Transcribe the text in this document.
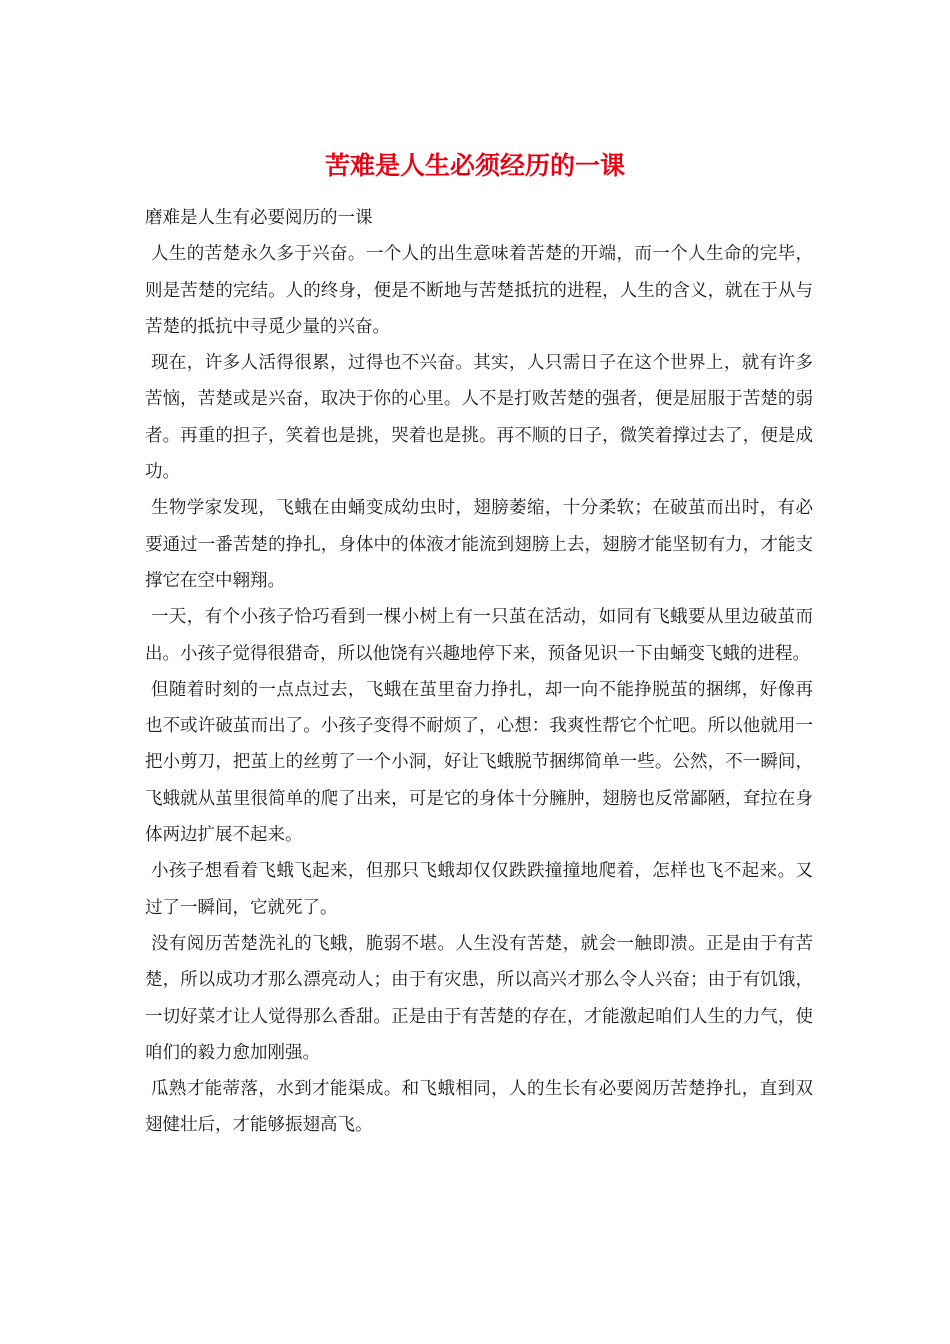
苦难是人生必须经历的一课

磨难是人生有必要阅历的一课

人生的苦楚永久多于兴奋。一个人的出生意味着苦楚的开端，而一个人生命的完毕，则是苦楚的完结。人的终身，便是不断地与苦楚抵抗的进程，人生的含义，就在于从与苦楚的抵抗中寻觅少量的兴奋。

现在，许多人活得很累，过得也不兴奋。其实，人只需日子在这个世界上，就有许多苦恼，苦楚或是兴奋，取决于你的心里。人不是打败苦楚的强者，便是屈服于苦楚的弱者。再重的担子，笑着也是挑，哭着也是挑。再不顺的日子，微笑着撑过去了，便是成功。

生物学家发现，飞蛾在由蛹变成幼虫时，翅膀萎缩，十分柔软；在破茧而出时，有必要通过一番苦楚的挣扎，身体中的体液才能流到翅膀上去，翅膀才能坚韧有力，才能支撑它在空中翱翔。

一天，有个小孩子恰巧看到一棵小树上有一只茧在活动，如同有飞蛾要从里边破茧而出。小孩子觉得很猎奇，所以他饶有兴趣地停下来，预备见识一下由蛹变飞蛾的进程。

但随着时刻的一点点过去，飞蛾在茧里奋力挣扎，却一向不能挣脱茧的捆绑，好像再也不或许破茧而出了。小孩子变得不耐烦了，心想：我爽性帮它个忙吧。所以他就用一把小剪刀，把茧上的丝剪了一个小洞，好让飞蛾脱节捆绑简单一些。公然，不一瞬间，飞蛾就从茧里很简单的爬了出来，可是它的身体十分臃肿，翅膀也反常鄙陋，耷拉在身体两边扩展不起来。

小孩子想看着飞蛾飞起来，但那只飞蛾却仅仅跌跌撞撞地爬着，怎样也飞不起来。又过了一瞬间，它就死了。

没有阅历苦楚洗礼的飞蛾，脆弱不堪。人生没有苦楚，就会一触即溃。正是由于有苦楚，所以成功才那么漂亮动人；由于有灾患，所以高兴才那么令人兴奋；由于有饥饿，一切好菜才让人觉得那么香甜。正是由于有苦楚的存在，才能激起咱们人生的力气，使咱们的毅力愈加刚强。

瓜熟才能蒂落，水到才能渠成。和飞蛾相同，人的生长有必要阅历苦楚挣扎，直到双翅健壮后，才能够振翅高飞。
